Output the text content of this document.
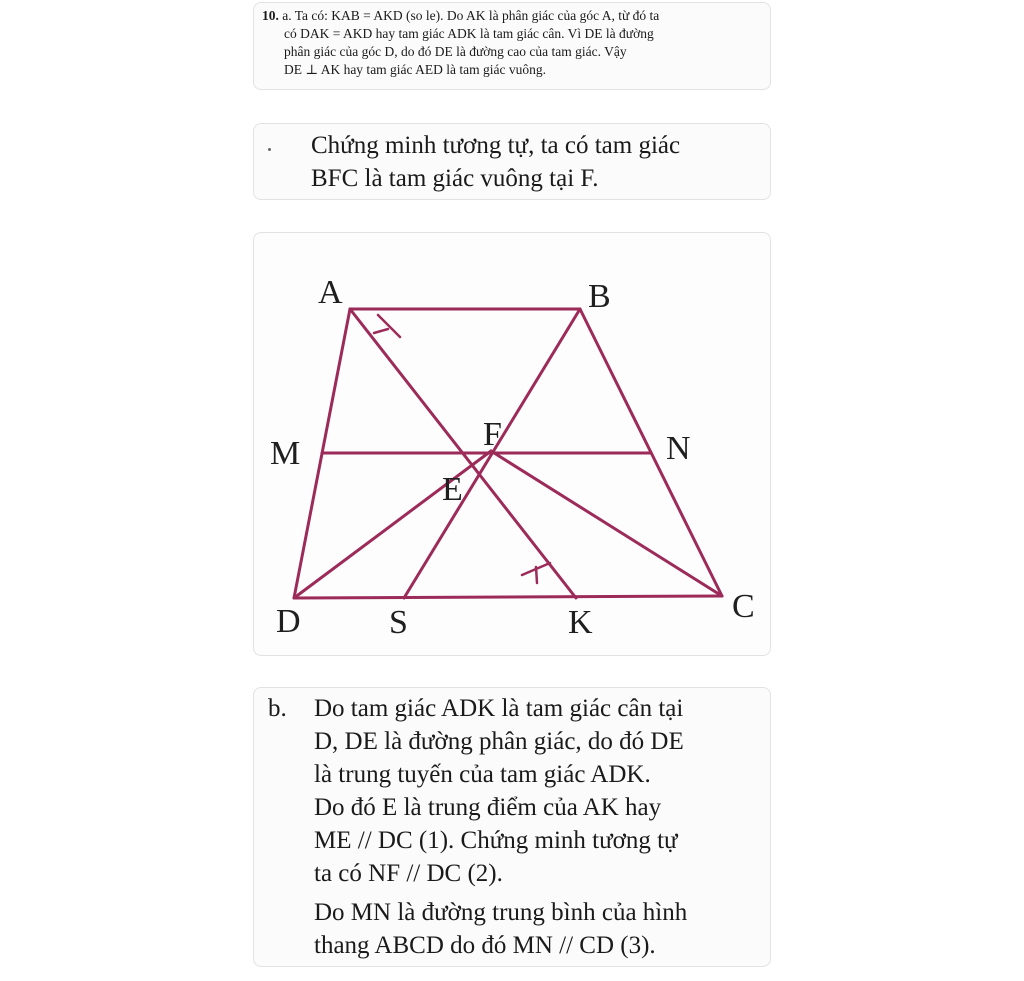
10. a. Ta có: KAB = AKD (so le). Do AK là phân giác của góc A, từ đó ta

có DAK = AKD hay tam giác ADK là tam giác cân. Vì DE là đường

phân giác của góc D, do đó DE là đường cao của tam giác. Vậy

DE ⊥ AK hay tam giác AED là tam giác vuông.

Chứng minh tương tự, ta có tam giác
BFC là tam giác vuông tại F.
A	B
C
D
M	N
E
F
S	K
b. Do tam giác ADK là tam giác cân tại
D, DE là đường phân giác, do đó DE
là trung tuyến của tam giác ADK.
Do đó E là trung điểm của AK hay
ME // DC (1). Chứng minh tương tự
ta có NF // DC (2).
Do MN là đường trung bình của hình
thang ABCD do đó MN // CD (3).
